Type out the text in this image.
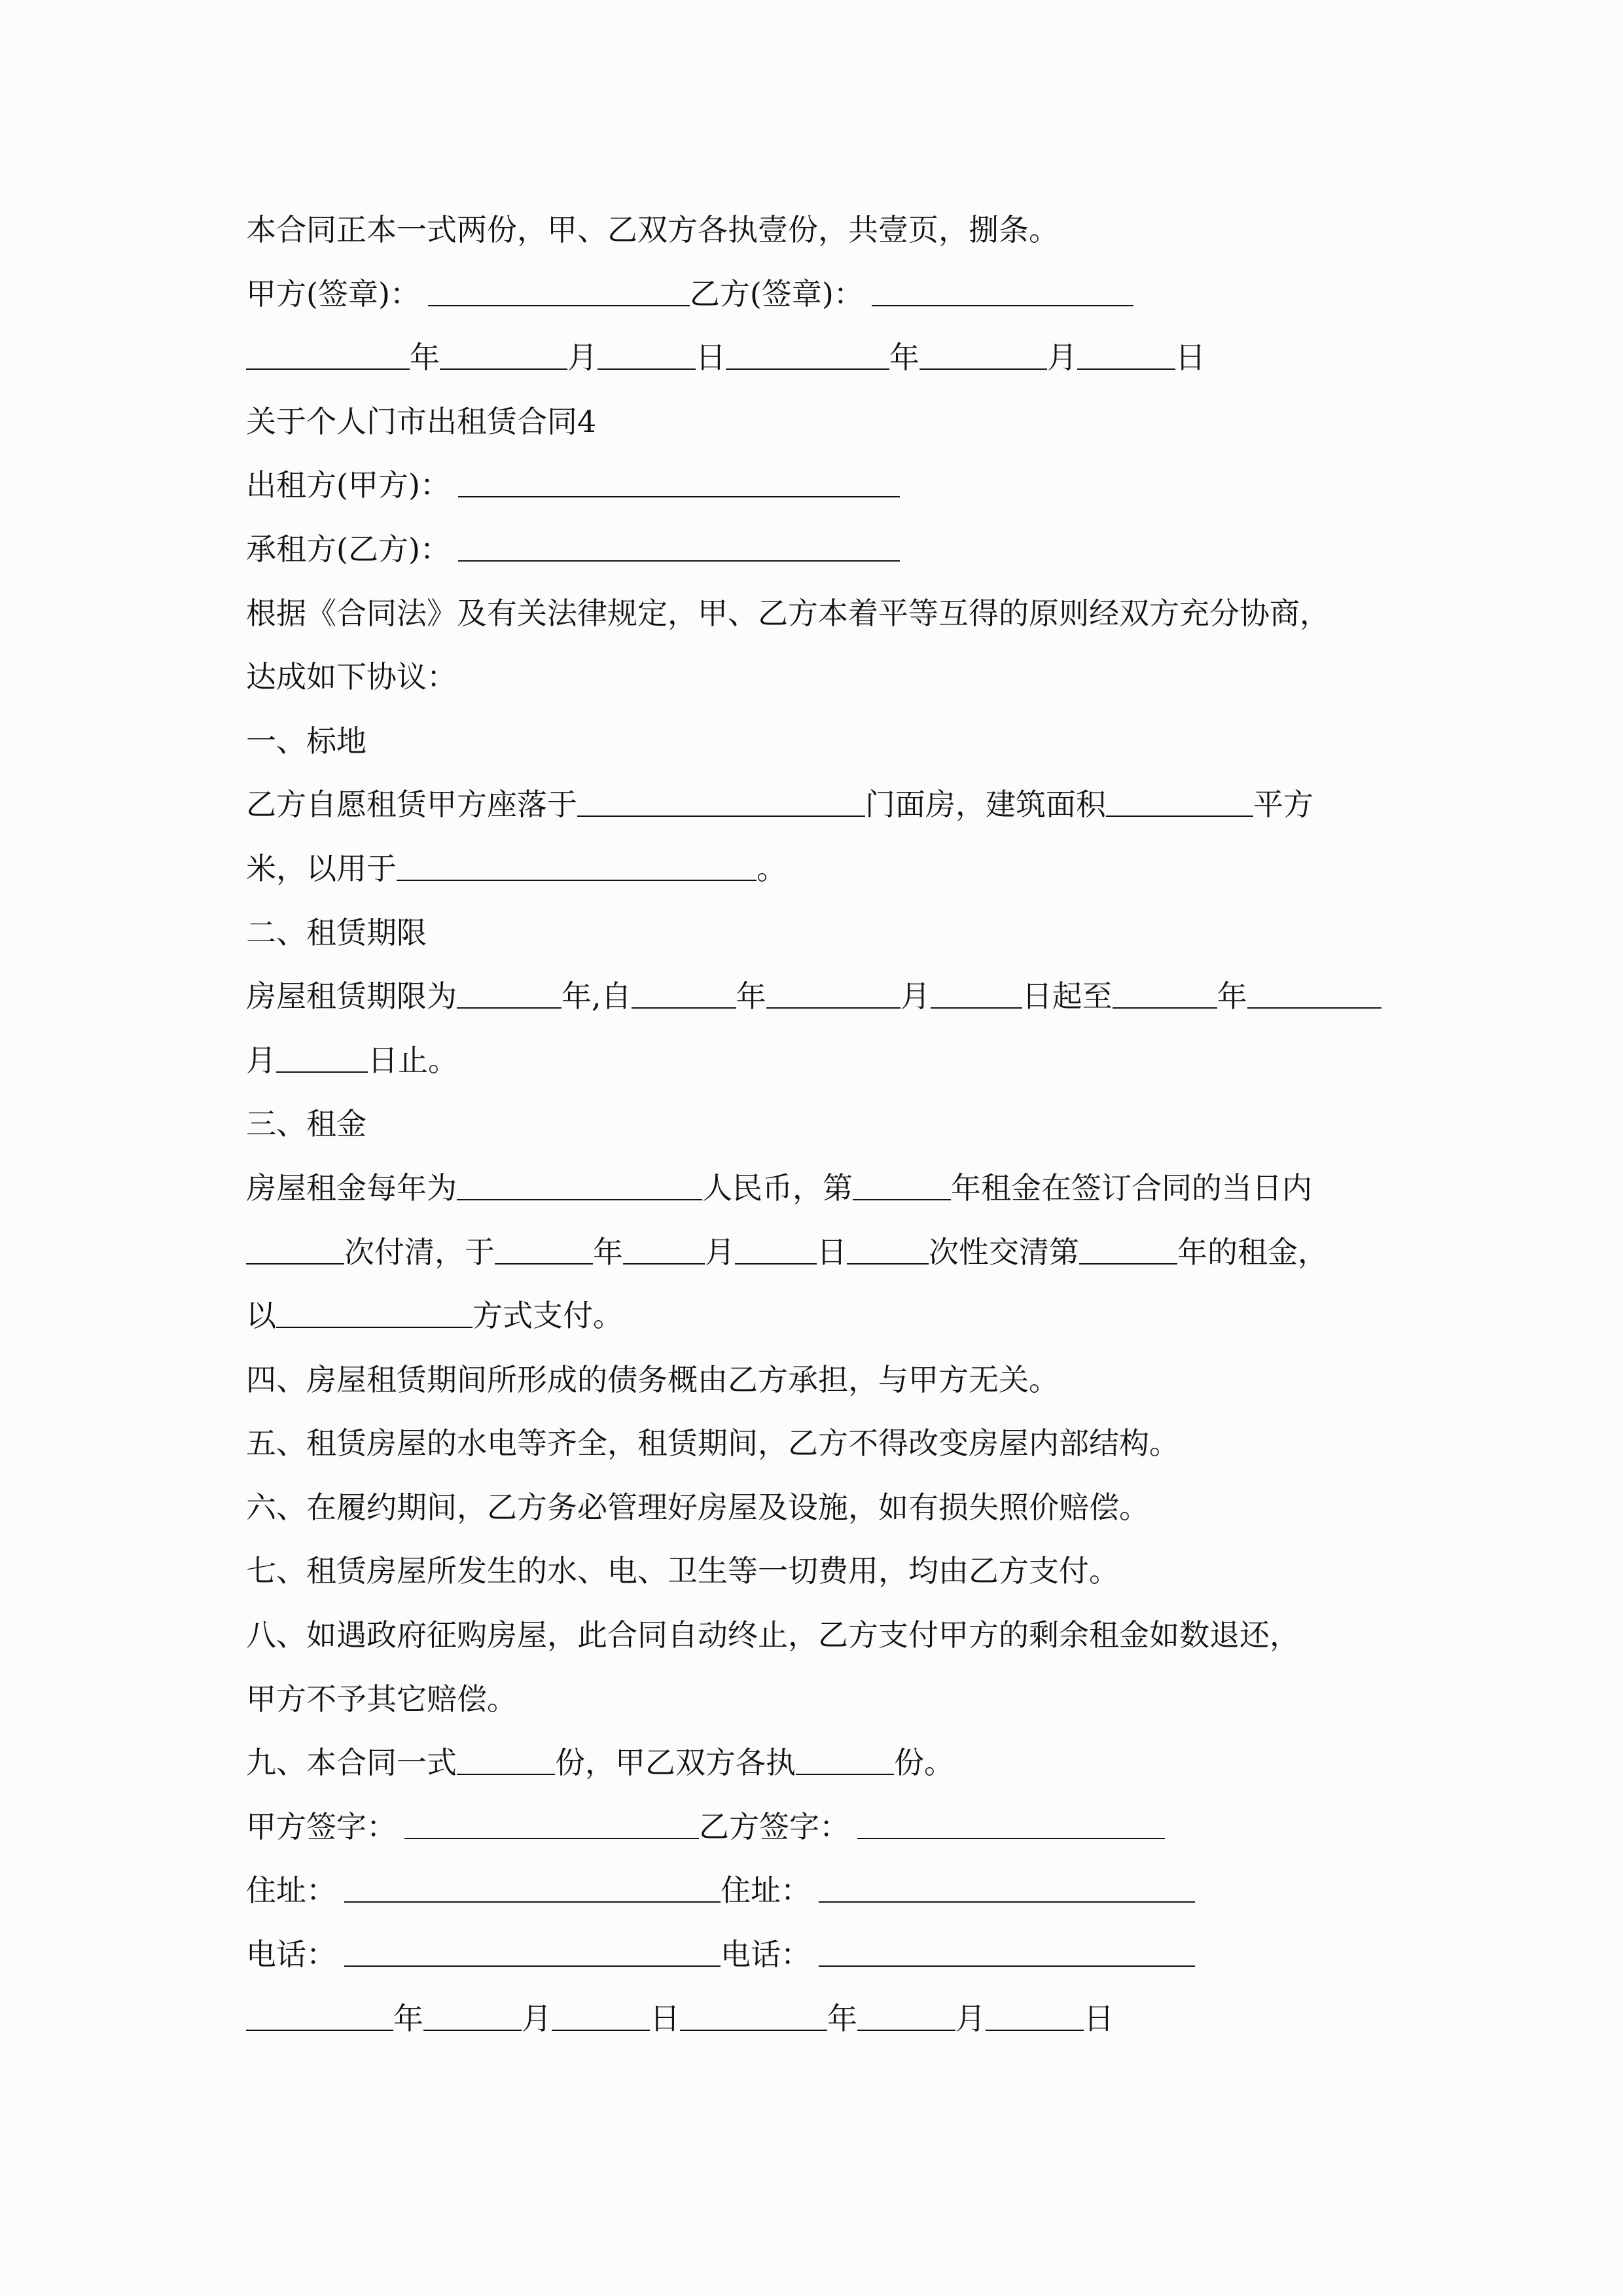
本合同正本一式两份，甲、乙双方各执壹份，共壹页，捌条。
甲方(签章)：	乙方(签章)：
年	月	日	年	月	日
关于个人门市出租赁合同4
出租方(甲方)：
承租方(乙方)：
根据《合同法》及有关法律规定，甲、乙方本着平等互得的原则经双方充分协商，
达成如下协议：
一、标地
乙方自愿租赁甲方座落于	门面房，建筑面积	平方
米，以用于	。
二、租赁期限
房屋租赁期限为	年,自	年	月	日起至	年
月	日止。
三、租金
房屋租金每年为	人民币，第	年租金在签订合同的当日内
次付清，于	年	月	日	次性交清第	年的租金，
以	方式支付。
四、房屋租赁期间所形成的债务概由乙方承担，与甲方无关。
五、租赁房屋的水电等齐全，租赁期间，乙方不得改变房屋内部结构。
六、在履约期间，乙方务必管理好房屋及设施，如有损失照价赔偿。
七、租赁房屋所发生的水、电、卫生等一切费用，均由乙方支付。
八、如遇政府征购房屋，此合同自动终止，乙方支付甲方的剩余租金如数退还，
甲方不予其它赔偿。
九、本合同一式	份，甲乙双方各执	份。
甲方签字：	乙方签字：
住址：	住址：
电话：	电话：
年	月	日	年	月	日
